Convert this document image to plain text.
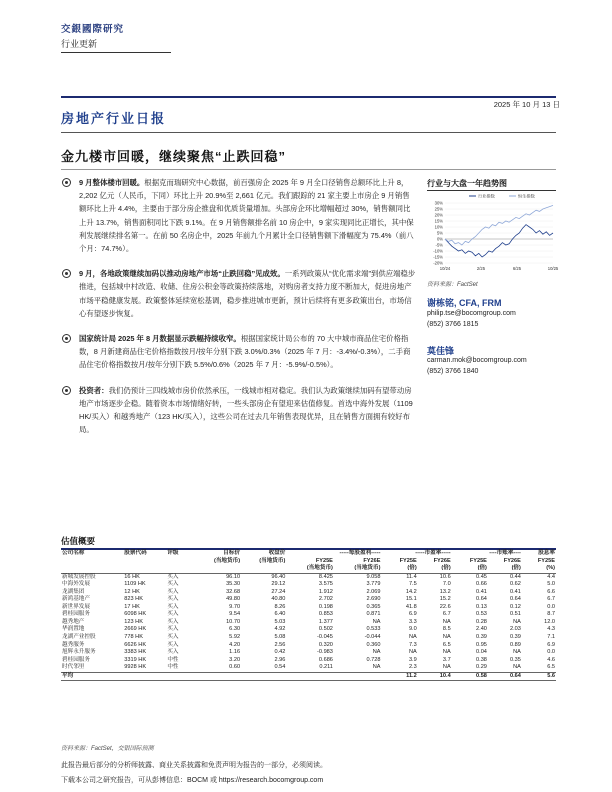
交銀國際研究
行业更新
2025 年 10 月 13 日
房地产行业日报
金九楼市回暖，继续聚焦“止跌回稳”
9 月整体楼市回暖。根据克而瑞研究中心数据，前百强房企 2025 年 9 月全口径销售总额环比上升 8，2,202 亿元（人民币，下同）环比上升 20.9%至 2,661 亿元。我们跟踪的 21 家主要上市房企 9 月销售额环比上升 4.4%，主要由于部分房企推盘和优质货量增加。头部房企环比增幅超过 30%，销售额同比上升 13.7%，销售面积同比下跌 9.1%。在 9 月销售额排名前 10 房企中，9 家实现同比正增长，其中保利发展继续排名第一。在前 50 名房企中，2025 年前九个月累计全口径销售额下滑幅度为 75.4%（前八个月：74.7%）。
9 月，各地政策继续加码以推动房地产市场“止跌回稳”见成效。一系列政策从“优化需求端”到供应端稳步推进，包括城中村改造、收储、住房公积金等政策持续落地，对购房者支持力度不断加大，促进房地产市场平稳健康发展。政策整体延续宽松基调，稳步推进城市更新，预计后续将有更多政策出台，市场信心有望逐步恢复。
国家统计局 2025 年 8 月数据显示跌幅持续收窄。根据国家统计局公布的 70 大中城市商品住宅价格指数，8 月新建商品住宅价格指数按月/按年分别下跌 3.0%/0.3%（2025 年 7 月：-3.4%/-0.3%），二手商品住宅价格指数按月/按年分别下跌 5.5%/0.6%（2025 年 7 月：-5.9%/-0.5%）。
投资者：我们仍预计三四线城市房价依然承压，一线城市相对稳定。我们认为政策继续加码有望带动房地产市场逐步企稳。随着资本市场情绪好转，一些头部房企有望迎来估值修复。首选中海外发展（1109 HK/买入）和越秀地产（123 HK/买入），这些公司在过去几年销售表现优异，且在销售方面拥有较好布局。
行业与大盘一年趋势图
30%
25%
20%
15%
10%
5%
0%
-5%
-10%
-15%
-20%
10/24	2/25	6/25	10/25
行业指数	恒生指数
资料来源：FactSet
谢栋铭, CFA, FRM
philip.tse@bocomgroup.com
(852) 3766 1815
莫佳锋
carman.mok@bocomgroup.com
(852) 3766 1840
估值概要
公司名称	股票代码	评级	目标价	收盘价	-----每股盈利-----		-----市盈率-----		----市账率----		股息率
			(当地货币)	(当地货币)	FY25E	FY26E	FY25E	FY26E	FY25E	FY26E	FY25E
					(当地货币)	(当地货币)	(倍)	(倍)	(倍)	(倍)	(%)
新城发展控股	16 HK	买入	96.10	96.40	8.425	9.058	11.4	10.6	0.45	0.44	4.4
中海外发展	1109 HK	买入	35.30	29.12	3.575	3.779	7.5	7.0	0.66	0.62	5.0
龙湖集团	12 HK	买入	32.68	27.24	1.912	2.069	14.2	13.2	0.41	0.41	6.6
新鸿基地产	823 HK	买入	49.80	40.80	2.702	2.690	15.1	15.2	0.64	0.64	6.7
新世界发展	17 HK	买入	9.70	8.26	0.198	0.365	41.8	22.6	0.13	0.12	0.0
碧桂园服务	6098 HK	买入	9.54	6.40	0.853	0.871	6.9	6.7	0.53	0.51	8.7
越秀地产	123 HK	买入	10.70	5.03	1.377	NA	3.3	NA	0.28	NA	12.0
华润置地	2669 HK	买入	6.30	4.92	0.502	0.533	9.0	8.5	2.40	2.03	4.3
龙湖产业控股	778 HK	买入	5.92	5.08	-0.045	-0.044	NA	NA	0.39	0.39	7.1
越秀服务	6626 HK	买入	4.20	2.56	0.320	0.360	7.3	6.5	0.95	0.89	6.9
旭辉永升服务	3383 HK	买入	1.16	0.42	-0.983	NA	NA	NA	0.04	NA	0.0
碧桂园服务	3319 HK	中性	3.20	2.96	0.686	0.728	3.9	3.7	0.38	0.35	4.6
时代邻里	9928 HK	中性	0.60	0.54	0.211	NA	2.3	NA	0.29	NA	6.5
平均							11.2	10.4	0.58	0.64	5.6
资料来源：FactSet，交银国际预测
此报告最后部分的分析师披露、商业关系披露和免责声明为报告的一部分，必须阅读。
下载本公司之研究报告，可从彭博信息：BOCM 或 https://research.bocomgroup.com
